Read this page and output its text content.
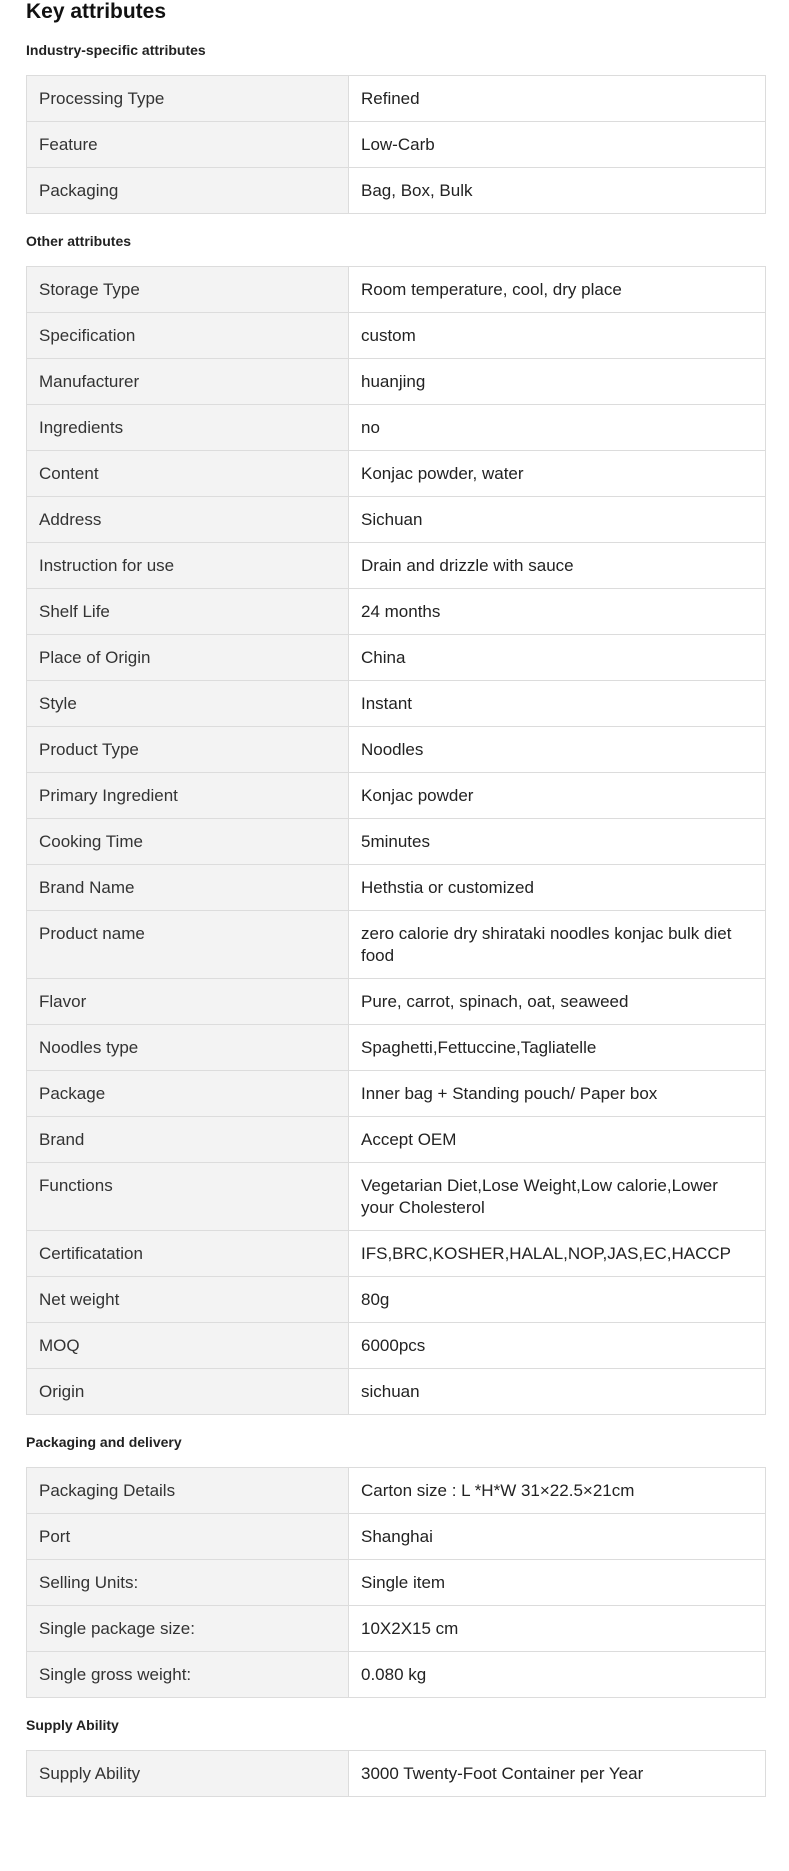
Key attributes
Industry-specific attributes
Processing Type	Refined
Feature	Low-Carb
Packaging	Bag, Box, Bulk
Other attributes
Storage Type	Room temperature, cool, dry place
Specification	custom
Manufacturer	huanjing
Ingredients	no
Content	Konjac powder, water
Address	Sichuan
Instruction for use	Drain and drizzle with sauce
Shelf Life	24 months
Place of Origin	China
Style	Instant
Product Type	Noodles
Primary Ingredient	Konjac powder
Cooking Time	5minutes
Brand Name	Hethstia or customized
Product name	zero calorie dry shirataki noodles konjac bulk diet food
Flavor	Pure, carrot, spinach, oat, seaweed
Noodles type	Spaghetti,Fettuccine,Tagliatelle
Package	Inner bag + Standing pouch/ Paper box
Brand	Accept OEM
Functions	Vegetarian Diet,Lose Weight,Low calorie,Lower your Cholesterol
Certificatation	IFS,BRC,KOSHER,HALAL,NOP,JAS,EC,HACCP
Net weight	80g
MOQ	6000pcs
Origin	sichuan
Packaging and delivery
Packaging Details	Carton size : L *H*W 31×22.5×21cm
Port	Shanghai
Selling Units:	Single item
Single package size:	10X2X15 cm
Single gross weight:	0.080 kg
Supply Ability
Supply Ability	3000 Twenty-Foot Container per Year
